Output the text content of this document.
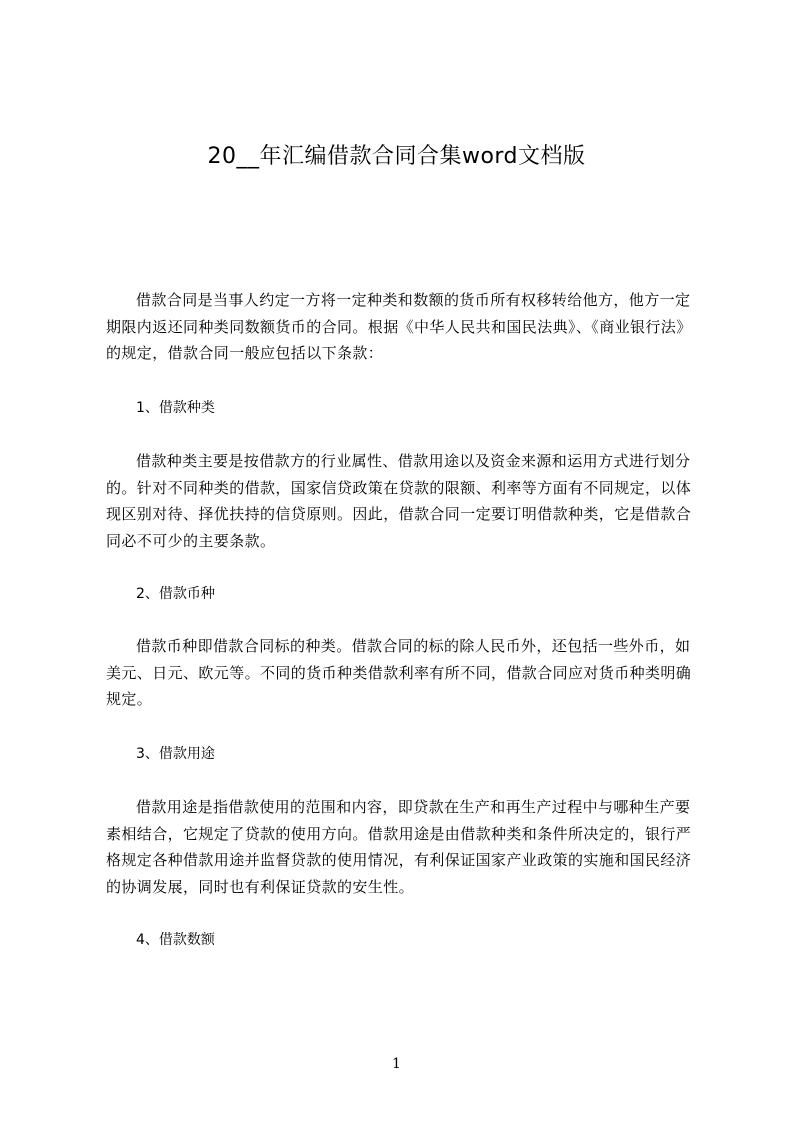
20__年汇编借款合同合集word文档版

借款合同是当事人约定一方将一定种类和数额的货币所有权移转给他方，他方一定期限内返还同种类同数额货币的合同。根据《中华人民共和国民法典》、《商业银行法》的规定，借款合同一般应包括以下条款：

1、借款种类

借款种类主要是按借款方的行业属性、借款用途以及资金来源和运用方式进行划分的。针对不同种类的借款，国家信贷政策在贷款的限额、利率等方面有不同规定，以体现区别对待、择优扶持的信贷原则。因此，借款合同一定要订明借款种类，它是借款合同必不可少的主要条款。

2、借款币种

借款币种即借款合同标的种类。借款合同的标的除人民币外，还包括一些外币，如美元、日元、欧元等。不同的货币种类借款利率有所不同，借款合同应对货币种类明确规定。

3、借款用途

借款用途是指借款使用的范围和内容，即贷款在生产和再生产过程中与哪种生产要素相结合，它规定了贷款的使用方向。借款用途是由借款种类和条件所决定的，银行严格规定各种借款用途并监督贷款的使用情况，有利保证国家产业政策的实施和国民经济的协调发展，同时也有利保证贷款的安生性。

4、借款数额
1
